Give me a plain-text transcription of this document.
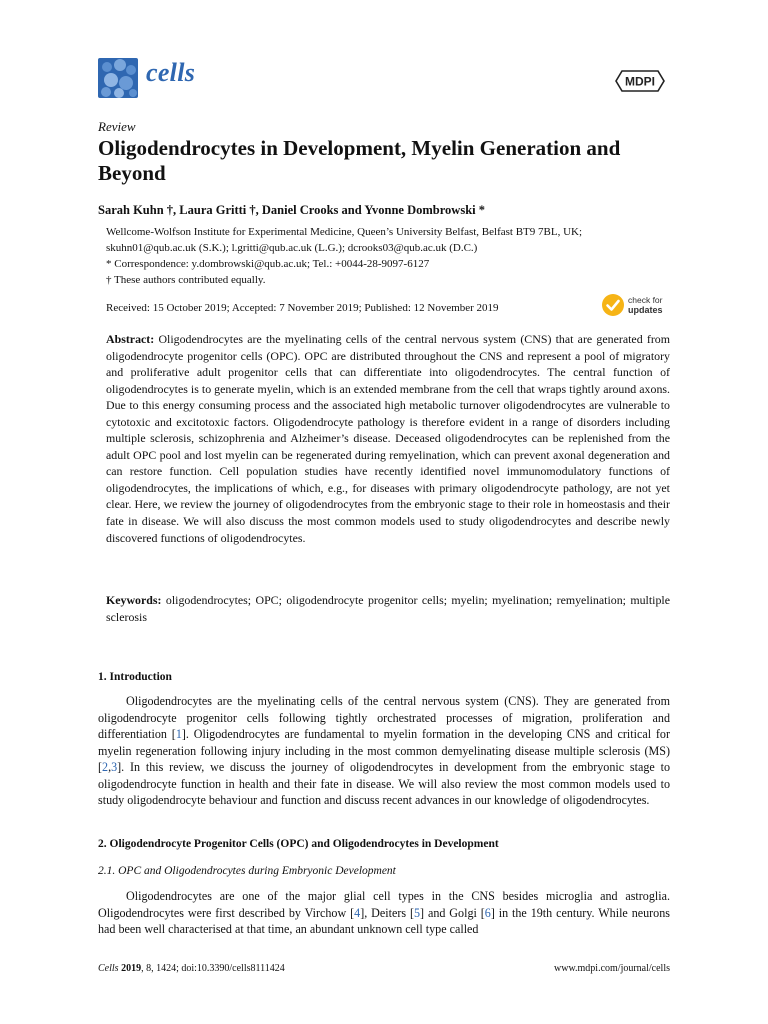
cells	MDPI
Review
Oligodendrocytes in Development, Myelin Generation and Beyond
Sarah Kuhn †, Laura Gritti †, Daniel Crooks and Yvonne Dombrowski *
Wellcome-Wolfson Institute for Experimental Medicine, Queen’s University Belfast, Belfast BT9 7BL, UK;
skuhn01@qub.ac.uk (S.K.); l.gritti@qub.ac.uk (L.G.); dcrooks03@qub.ac.uk (D.C.)
* Correspondence: y.dombrowski@qub.ac.uk; Tel.: +0044-28-9097-6127
† These authors contributed equally.
Received: 15 October 2019; Accepted: 7 November 2019; Published: 12 November 2019
check for
updates
Abstract: Oligodendrocytes are the myelinating cells of the central nervous system (CNS) that are generated from oligodendrocyte progenitor cells (OPC). OPC are distributed throughout the CNS and represent a pool of migratory and proliferative adult progenitor cells that can differentiate into oligodendrocytes. The central function of oligodendrocytes is to generate myelin, which is an extended membrane from the cell that wraps tightly around axons. Due to this energy consuming process and the associated high metabolic turnover oligodendrocytes are vulnerable to cytotoxic and excitotoxic factors. Oligodendrocyte pathology is therefore evident in a range of disorders including multiple sclerosis, schizophrenia and Alzheimer’s disease. Deceased oligodendrocytes can be replenished from the adult OPC pool and lost myelin can be regenerated during remyelination, which can prevent axonal degeneration and can restore function. Cell population studies have recently identified novel immunomodulatory functions of oligodendrocytes, the implications of which, e.g., for diseases with primary oligodendrocyte pathology, are not yet clear. Here, we review the journey of oligodendrocytes from the embryonic stage to their role in homeostasis and their fate in disease. We will also discuss the most common models used to study oligodendrocytes and describe newly discovered functions of oligodendrocytes.
Keywords: oligodendrocytes; OPC; oligodendrocyte progenitor cells; myelin; myelination; remyelination; multiple sclerosis
1. Introduction
Oligodendrocytes are the myelinating cells of the central nervous system (CNS). They are generated from oligodendrocyte progenitor cells following tightly orchestrated processes of migration, proliferation and differentiation [1]. Oligodendrocytes are fundamental to myelin formation in the developing CNS and critical for myelin regeneration following injury including in the most common demyelinating disease multiple sclerosis (MS) [2,3]. In this review, we discuss the journey of oligodendrocytes in development from the embryonic stage to oligodendrocyte function in health and their fate in disease. We will also review the most common models used to study oligodendrocyte behaviour and function and discuss recent advances in our knowledge of oligodendrocytes.
2. Oligodendrocyte Progenitor Cells (OPC) and Oligodendrocytes in Development
2.1. OPC and Oligodendrocytes during Embryonic Development
Oligodendrocytes are one of the major glial cell types in the CNS besides microglia and astroglia. Oligodendrocytes were first described by Virchow [4], Deiters [5] and Golgi [6] in the 19th century. While neurons had been well characterised at that time, an abundant unknown cell type called
Cells 2019, 8, 1424; doi:10.3390/cells8111424	www.mdpi.com/journal/cells
